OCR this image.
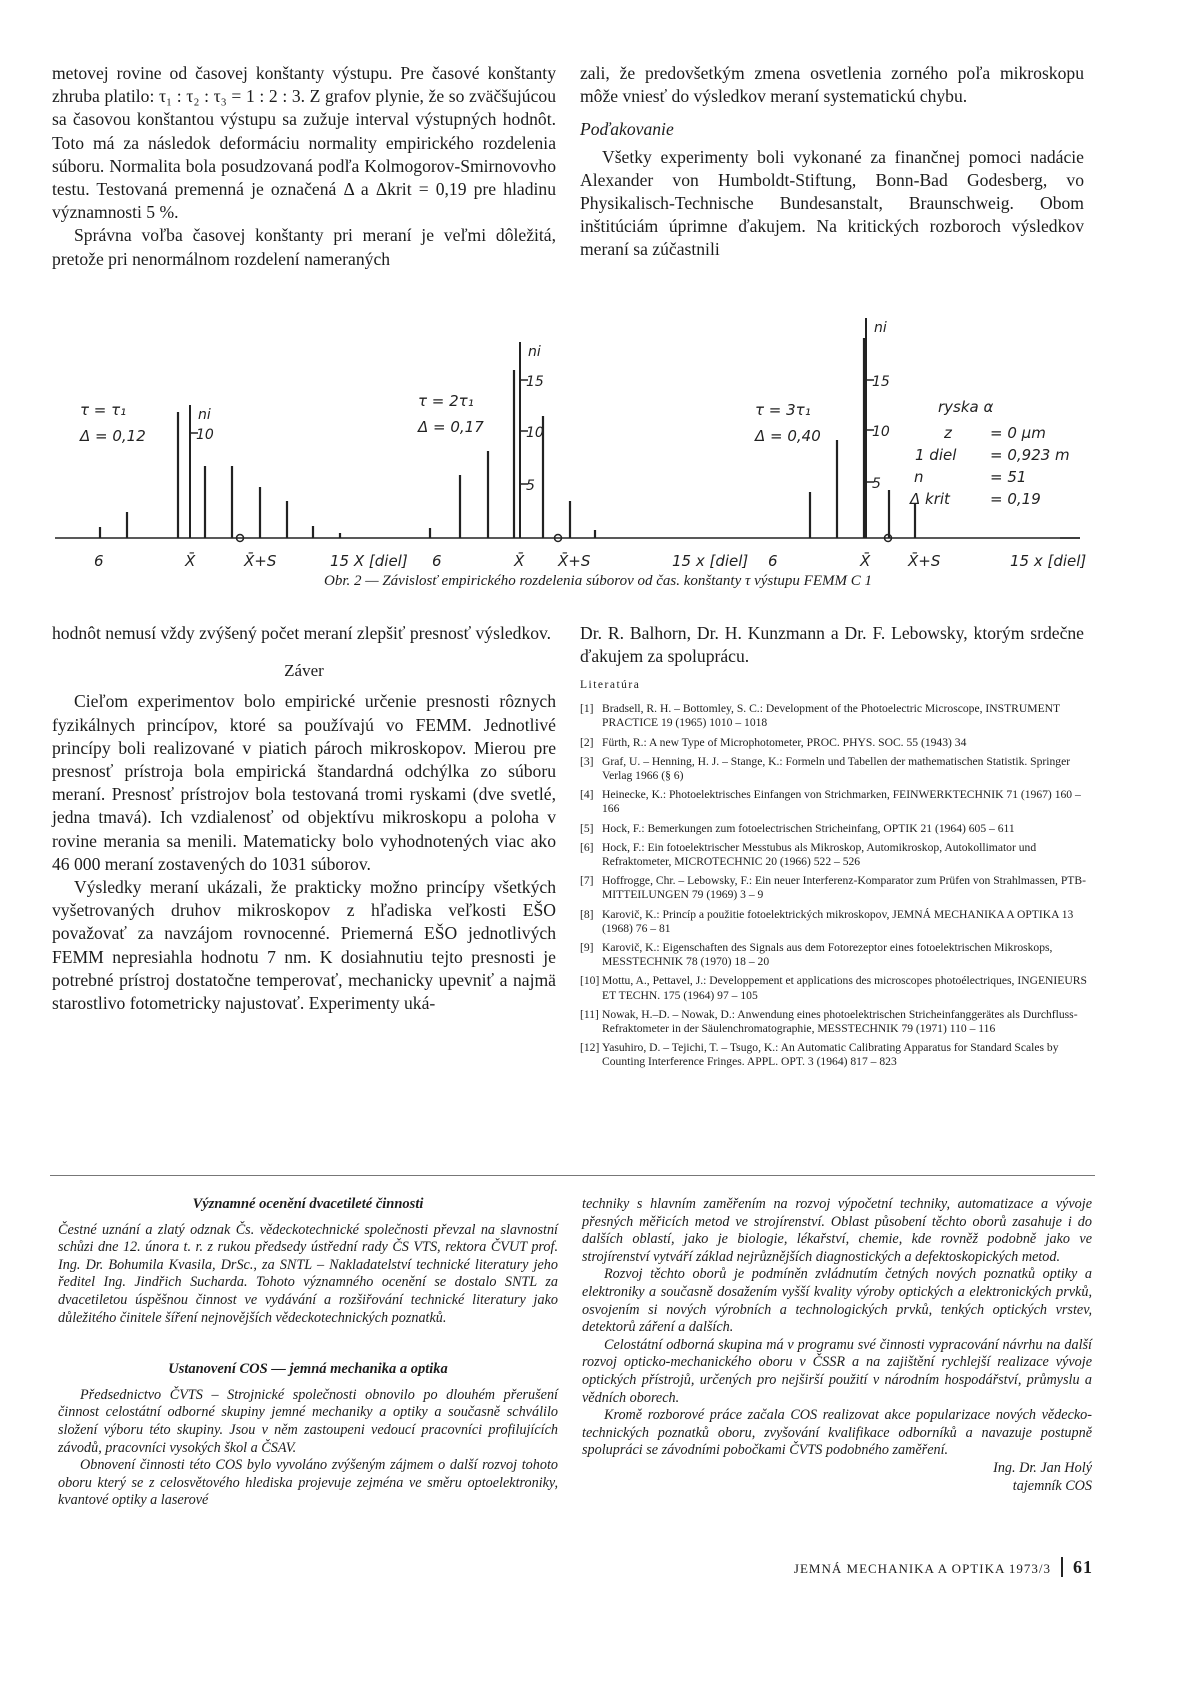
metovej rovine od časovej konštanty výstupu. Pre časové konštanty zhruba platilo: τ₁ : τ₂ : τ₃ = 1 : 2 : 3. Z grafov plynie, že so zväčšujúcou sa časovou konštantou výstupu sa zužuje interval výstupných hodnôt. Toto má za následok deformáciu normality empirického rozdelenia súboru. Normalita bola posudzovaná podľa Kolmogorov-Smirnovovho testu. Testovaná premenná je označená Δ a Δkrit = 0,19 pre hladinu významnosti 5 %.

Správna voľba časovej konštanty pri meraní je veľmi dôležitá, pretože pri nenormálnom rozdelení nameraných

zali, že predovšetkým zmena osvetlenia zorného poľa mikroskopu môže vniesť do výsledkov meraní systematickú chybu.

Poďakovanie

Všetky experimenty boli vykonané za finančnej pomoci nadácie Alexander von Humboldt-Stiftung, Bonn-Bad Godesberg, vo Physikalisch-Technische Bundesanstalt, Braunschweig. Obom inštitúciám úprimne ďakujem. Na kritických rozboroch výsledkov meraní sa zúčastnili

ni
10
τ = τ₁
Δ = 0,12
6	X̄	X̄+S	15 X [diel]
ni
15
10
5
τ = 2τ₁
Δ = 0,17
6	X̄ X̄+S	15 x [diel]
ni
15
10
5
τ = 3τ₁
Δ = 0,40
6	X̄	X̄+S	15 x [diel]
ryska α
z	= 0 μm
1 diel = 0,923 m
n	= 51
Δ krit	= 0,19
Obr. 2 — Závislosť empirického rozdelenia súborov od čas. konštanty τ výstupu FEMM C 1

hodnôt nemusí vždy zvýšený počet meraní zlepšiť presnosť výsledkov.

Záver

Cieľom experimentov bolo empirické určenie presnosti rôznych fyzikálnych princípov, ktoré sa používajú vo FEMM. Jednotlivé princípy boli realizované v piatich pároch mikroskopov. Mierou pre presnosť prístroja bola empirická štandardná odchýlka zo súboru meraní. Presnosť prístrojov bola testovaná tromi ryskami (dve svetlé, jedna tmavá). Ich vzdialenosť od objektívu mikroskopu a poloha v rovine merania sa menili. Matematicky bolo vyhodnotených viac ako 46 000 meraní zostavených do 1031 súborov.

Výsledky meraní ukázali, že prakticky možno princípy všetkých vyšetrovaných druhov mikroskopov z hľadiska veľkosti EŠO považovať za navzájom rovnocenné. Priemerná EŠO jednotlivých FEMM nepresiahla hodnotu 7 nm. K dosiahnutiu tejto presnosti je potrebné prístroj dostatočne temperovať, mechanicky upevniť a najmä starostlivo fotometricky najustovať. Experimenty uká-

Dr. R. Balhorn, Dr. H. Kunzmann a Dr. F. Lebowsky, ktorým srdečne ďakujem za spoluprácu.

Literatúra
[1] Bradsell, R. H. – Bottomley, S. C.: Development of the Photoelectric Microscope, INSTRUMENT PRACTICE 19 (1965) 1010 – 1018
[2] Fürth, R.: A new Type of Microphotometer, PROC. PHYS. SOC. 55 (1943) 34
[3] Graf, U. – Henning, H. J. – Stange, K.: Formeln und Tabellen der mathematischen Statistik. Springer Verlag 1966 (§ 6)
[4] Heinecke, K.: Photoelektrisches Einfangen von Strichmarken, FEINWERKTECHNIK 71 (1967) 160 – 166
[5] Hock, F.: Bemerkungen zum fotoelectrischen Stricheinfang, OPTIK 21 (1964) 605 – 611
[6] Hock, F.: Ein fotoelektrischer Messtubus als Mikroskop, Automikroskop, Autokollimator und Refraktometer, MICROTECHNIC 20 (1966) 522 – 526
[7] Hoffrogge, Chr. – Lebowsky, F.: Ein neuer Interferenz-Komparator zum Prüfen von Strahlmassen, PTB-MITTEILUNGEN 79 (1969) 3 – 9
[8] Karovič, K.: Princíp a použitie fotoelektrických mikroskopov, JEMNÁ MECHANIKA A OPTIKA 13 (1968) 76 – 81
[9] Karovič, K.: Eigenschaften des Signals aus dem Fotorezeptor eines fotoelektrischen Mikroskops, MESSTECHNIK 78 (1970) 18 – 20
[10] Mottu, A., Pettavel, J.: Developpement et applications des microscopes photoélectriques, INGENIEURS ET TECHN. 175 (1964) 97 – 105
[11] Nowak, H.–D. – Nowak, D.: Anwendung eines photoelektrischen Stricheinfanggerätes als Durchfluss-Refraktometer in der Säulenchromatographie, MESSTECHNIK 79 (1971) 110 – 116
[12] Yasuhiro, D. – Tejichi, T. – Tsugo, K.: An Automatic Calibrating Apparatus for Standard Scales by Counting Interference Fringes. APPL. OPT. 3 (1964) 817 – 823
Významné ocenění dvacetileté činnosti

Čestné uznání a zlatý odznak Čs. vědeckotechnické společnosti převzal na slavnostní schůzi dne 12. února t. r. z rukou předsedy ústřední rady ČS VTS, rektora ČVUT prof. Ing. Dr. Bohumila Kvasila, DrSc., za SNTL – Nakladatelství technické literatury jeho ředitel Ing. Jindřich Sucharda. Tohoto významného ocenění se dostalo SNTL za dvacetiletou úspěšnou činnost ve vydávání a rozšiřování technické literatury jako důležitého činitele šíření nejnovějších vědeckotechnických poznatků.

Ustanovení COS — jemná mechanika a optika

Předsednictvo ČVTS – Strojnické společnosti obnovilo po dlouhém přerušení činnost celostátní odborné skupiny jemné mechaniky a optiky a současně schválilo složení výboru této skupiny. Jsou v něm zastoupeni vedoucí pracovníci profilujících závodů, pracovníci vysokých škol a ČSAV.

Obnovení činnosti této COS bylo vyvoláno zvýšeným zájmem o další rozvoj tohoto oboru který se z celosvětového hlediska projevuje zejména ve směru optoelektroniky, kvantové optiky a laserové

techniky s hlavním zaměřením na rozvoj výpočetní techniky, automatizace a vývoje přesných měřicích metod ve strojírenství. Oblast působení těchto oborů zasahuje i do dalších oblastí, jako je biologie, lékařství, chemie, kde rovněž podobně jako ve strojírenství vytváří základ nejrůznějších diagnostických a defektoskopických metod.

Rozvoj těchto oborů je podmíněn zvládnutím četných nových poznatků optiky a elektroniky a současně dosažením vyšší kvality výroby optických a elektronických prvků, osvojením si nových výrobních a technologických prvků, tenkých optických vrstev, detektorů záření a dalších.

Celostátní odborná skupina má v programu své činnosti vypracování návrhu na další rozvoj opticko-mechanického oboru v ČSSR a na zajištění rychlejší realizace vývoje optických přístrojů, určených pro nejširší použití v národním hospodářství, průmyslu a vědních oborech.

Kromě rozborové práce začala COS realizovat akce popularizace nových vědecko-technických poznatků oboru, zvyšování kvalifikace odborníků a navazuje postupně spolupráci se závodními pobočkami ČVTS podobného zaměření.

Ing. Dr. Jan Holý
tajemník COS
JEMNÁ MECHANIKA A OPTIKA 1973/3 61
